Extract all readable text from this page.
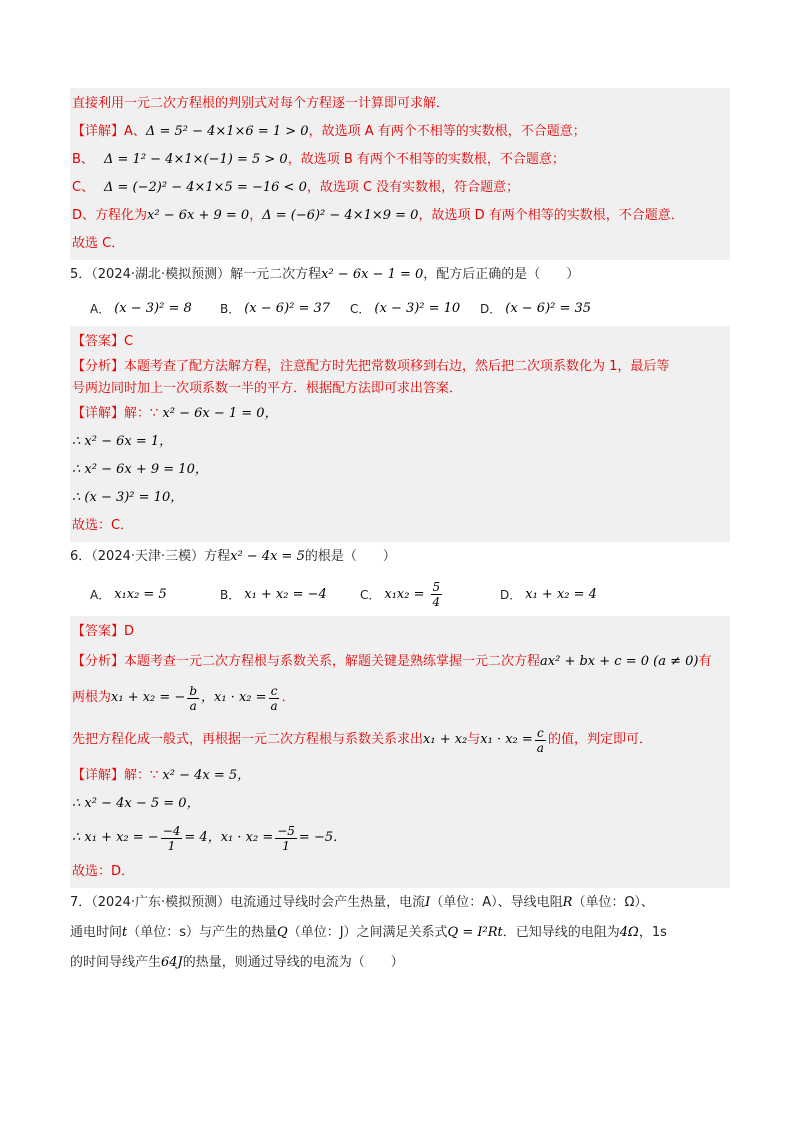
直接利用一元二次方程根的判别式对每个方程逐一计算即可求解．
【详解】 A、 Δ = 5² − 4×1×6 = 1 > 0 ，故选项 A 有两个不相等的实数根，不合题意；
B、 Δ = 1² − 4×1×(−1) = 5 > 0 ，故选项 B 有两个不相等的实数根，不合题意；
C、 Δ = (−2)² − 4×1×5 = −16 < 0 ，故选项 C 没有实数根，符合题意；
D、方程化为 x² − 6x + 9 = 0 ， Δ = (−6)² − 4×1×9 = 0 ，故选项 D 有两个相等的实数根，不合题意．
故选 C．
5．（2024·湖北·模拟预测）解一元二次方程 x² − 6x − 1 = 0 ，配方后正确的是（　　）
A． (x − 3)² = 8 B． (x − 6)² = 37 C． (x − 3)² = 10 D． (x − 6)² = 35
【答案】C
【分析】本题考查了配方法解方程，注意配方时先把常数项移到右边，然后把二次项系数化为 1，最后等
号两边同时加上一次项系数一半的平方．根据配方法即可求出答案．
【详解】解：∵
x² − 6x − 1 = 0，
∴ x² − 6x = 1，
∴ x² − 6x + 9 = 10，
∴ (x − 3)² = 10，
故选：C．
6．（2024·天津·三模）方程 x² − 4x = 5 的根是（　　）
A． x₁x₂ = 5	B． x₁ + x₂ = −4	C． $x_1x_2 = \frac{5}{4}$	D． x₁ + x₂ = 4
【答案】D
【分析】本题考查一元二次方程根与系数关系，解题关键是熟练掌握一元二次方程 ax² + bx + c = 0 (a ≠ 0) 有
两根为 x₁ + x₂ = − $\frac{b}{a}$ ，$x_1 \cdot x_2 = \frac{c}{a}$ ．
先把方程化成一般式，再根据一元二次方程根与系数关系求出 x₁ + x₂ 与 $x_1 \cdot x_2 = \frac{c}{a}$ 的值，判定即可．
【详解】解：∵
x² − 4x = 5，
∴ x² − 4x − 5 = 0，
∴ x₁ + x₂ = − $\frac{-4}{1} = 4$，$x_1 \cdot x_2 = \frac{-5}{1} = -5$．
故选：D．
7．（2024·广东·模拟预测）电流通过导线时会产生热量，电流 I （单位：A）、导线电阻 R （单位：Ω）、
通电时间 t （单位：s）与产生的热量 Q （单位：J）之间满足关系式 Q = I²Rt ．已知导线的电阻为 4Ω ，1s
的时间导线产生 64J 的热量，则通过导线的电流为（　　）
